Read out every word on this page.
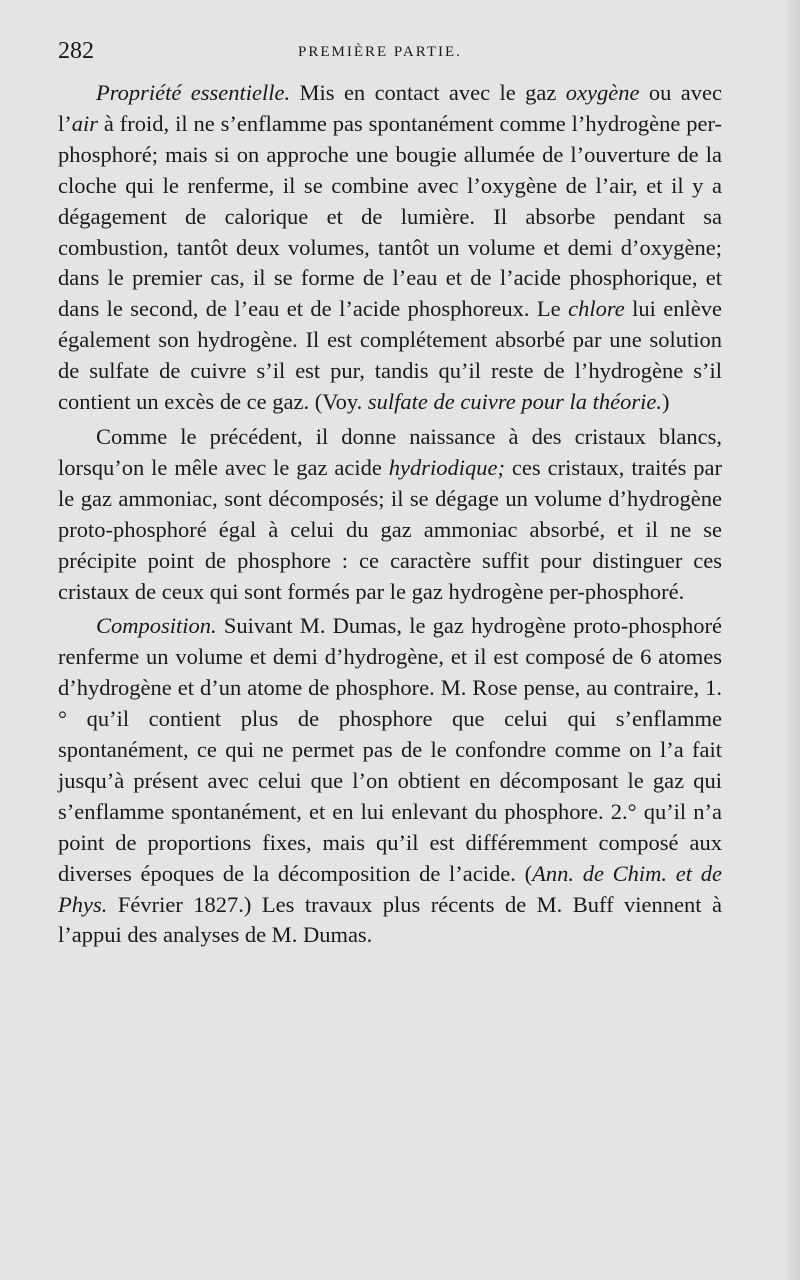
282	PREMIÈRE PARTIE.

Propriété essentielle. Mis en contact avec le gaz oxygène ou avec l’air à froid, il ne s’enflamme pas spontanément comme l’hydrogène per-phosphoré; mais si on approche une bougie allumée de l’ouverture de la cloche qui le renferme, il se combine avec l’oxygène de l’air, et il y a dégagement de calorique et de lumière. Il absorbe pendant sa combustion, tantôt deux volumes, tantôt un volume et demi d’oxygène; dans le premier cas, il se forme de l’eau et de l’acide phosphorique, et dans le second, de l’eau et de l’acide phosphoreux. Le chlore lui enlève également son hydrogène. Il est complétement absorbé par une solution de sulfate de cuivre s’il est pur, tandis qu’il reste de l’hydrogène s’il contient un excès de ce gaz. (Voy. sulfate de cuivre pour la théorie.)

Comme le précédent, il donne naissance à des cristaux blancs, lorsqu’on le mêle avec le gaz acide hydriodique; ces cristaux, traités par le gaz ammoniac, sont décomposés; il se dégage un volume d’hydrogène proto-phosphoré égal à celui du gaz ammoniac absorbé, et il ne se précipite point de phosphore : ce caractère suffit pour distinguer ces cristaux de ceux qui sont formés par le gaz hydrogène per-phosphoré.

Composition. Suivant M. Dumas, le gaz hydrogène proto-phosphoré renferme un volume et demi d’hydrogène, et il est composé de 6 atomes d’hydrogène et d’un atome de phosphore. M. Rose pense, au contraire, 1.° qu’il contient plus de phosphore que celui qui s’enflamme spontanément, ce qui ne permet pas de le confondre comme on l’a fait jusqu’à présent avec celui que l’on obtient en décomposant le gaz qui s’enflamme spontanément, et en lui enlevant du phosphore. 2.° qu’il n’a point de proportions fixes, mais qu’il est différemment composé aux diverses époques de la décomposition de l’acide. (Ann. de Chim. et de Phys. Février 1827.) Les travaux plus récents de M. Buff viennent à l’appui des analyses de M. Dumas.
